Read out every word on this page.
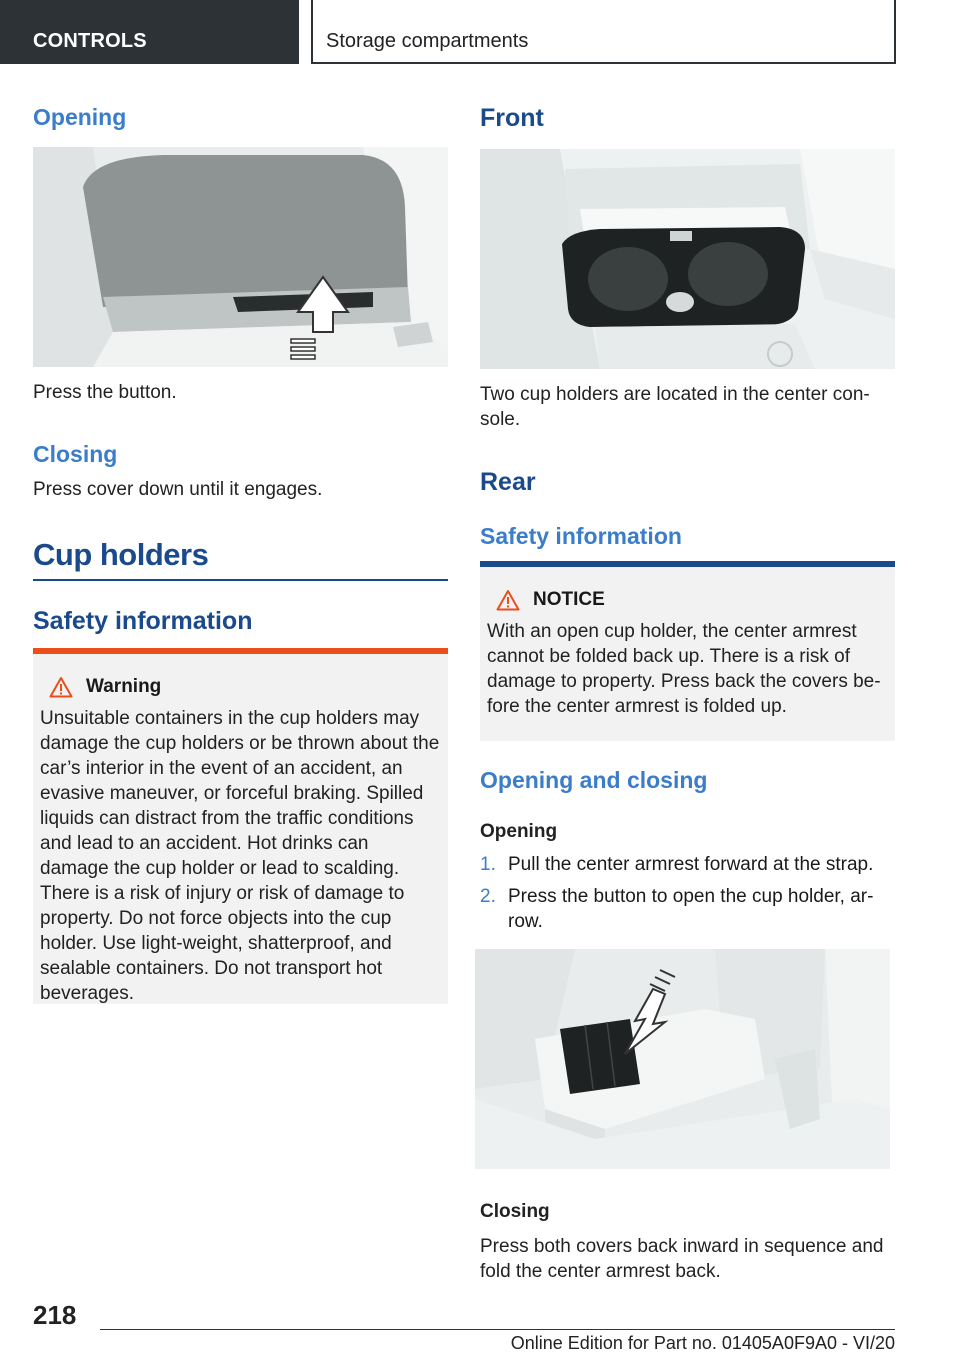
CONTROLS	Storage compartments
Opening
Press the button.
Closing
Press cover down until it engages.
Cup holders
Safety information
Warning
Unsuitable containers in the cup holders may damage the cup holders or be thrown about the car’s interior in the event of an accident, an evasive maneuver, or forceful braking. Spilled liquids can distract from the traffic conditions and lead to an accident. Hot drinks can damage the cup holder or lead to scalding. There is a risk of injury or risk of damage to property. Do not force objects into the cup holder. Use light-weight, shatterproof, and sealable containers. Do not transport hot beverages.
Front
Two cup holders are located in the center con-sole.
Rear
Safety information
NOTICE
With an open cup holder, the center armrest cannot be folded back up. There is a risk of damage to property. Press back the covers be-fore the center armrest is folded up.
Opening and closing
Opening
1. Pull the center armrest forward at the strap.
2. Press the button to open the cup holder, ar-row.
Closing
Press both covers back inward in sequence and fold the center armrest back.
218
Online Edition for Part no. 01405A0F9A0 - VI/20
